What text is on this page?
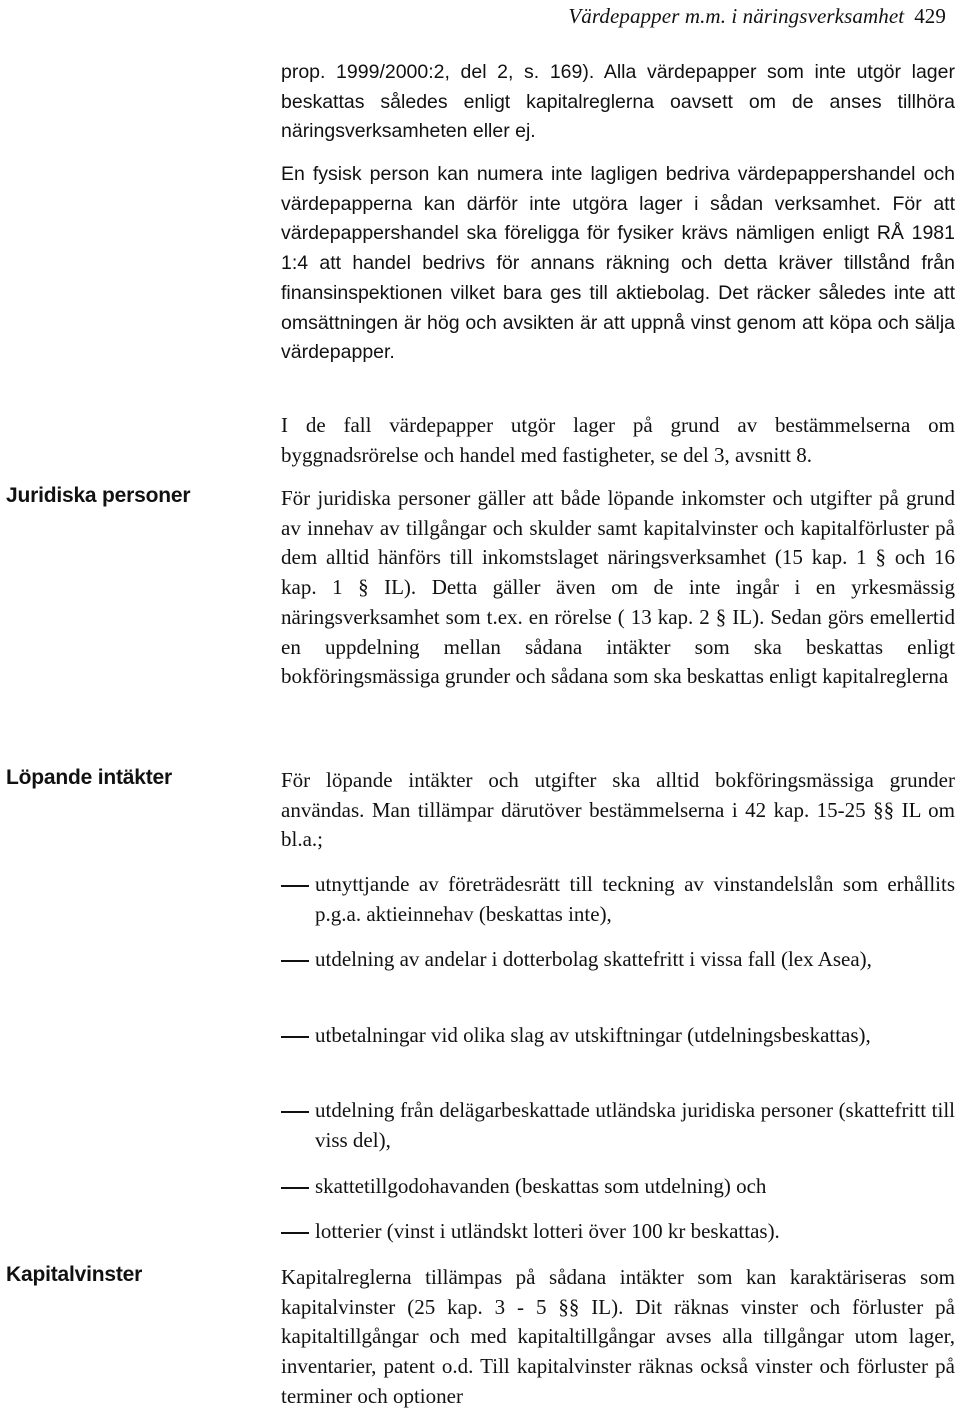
Värdepapper m.m. i näringsverksamhet 429
Juridiska personer
Löpande intäkter
Kapitalvinster

prop. 1999/2000:2, del 2, s. 169). Alla värdepapper som inte utgör lager beskattas således enligt kapitalreglerna oavsett om de anses tillhöra näringsverksamheten eller ej.

En fysisk person kan numera inte lagligen bedriva värdepappershandel och värdepapperna kan därför inte utgöra lager i sådan verksamhet. För att värdepappershandel ska föreligga för fysiker krävs nämligen enligt RÅ 1981 1:4 att handel bedrivs för annans räkning och detta kräver tillstånd från finansinspektionen vilket bara ges till aktiebolag. Det räcker således inte att omsättningen är hög och avsikten är att uppnå vinst genom att köpa och sälja värdepapper.

I de fall värdepapper utgör lager på grund av bestämmelserna om byggnadsrörelse och handel med fastigheter, se del 3, avsnitt 8.

För juridiska personer gäller att både löpande inkomster och utgifter på grund av innehav av tillgångar och skulder samt kapitalvinster och kapitalförluster på dem alltid hänförs till inkomstslaget näringsverksamhet (15 kap. 1 § och 16 kap. 1 § IL). Detta gäller även om de inte ingår i en yrkesmässig näringsverksamhet som t.ex. en rörelse ( 13 kap. 2 § IL). Sedan görs emellertid en uppdelning mellan sådana intäkter som ska beskattas enligt bokföringsmässiga grunder och sådana som ska beskattas enligt kapitalreglerna

För löpande intäkter och utgifter ska alltid bokföringsmässiga grunder användas. Man tillämpar därutöver bestämmelserna i 42 kap. 15-25 §§ IL om bl.a.;

utnyttjande av företrädesrätt till teckning av vinstandelslån som erhållits p.g.a. aktieinnehav (beskattas inte),
utdelning av andelar i dotterbolag skattefritt i vissa fall (lex Asea),
utbetalningar vid olika slag av utskiftningar (utdelningsbeskattas),
utdelning från delägarbeskattade utländska juridiska personer (skattefritt till viss del),
skattetillgodohavanden (beskattas som utdelning) och
lotterier (vinst i utländskt lotteri över 100 kr beskattas).

Kapitalreglerna tillämpas på sådana intäkter som kan karaktäriseras som kapitalvinster (25 kap. 3 - 5 §§ IL). Dit räknas vinster och förluster på kapitaltillgångar och med kapitaltillgångar avses alla tillgångar utom lager, inventarier, patent o.d. Till kapitalvinster räknas också vinster och förluster på terminer och optioner
